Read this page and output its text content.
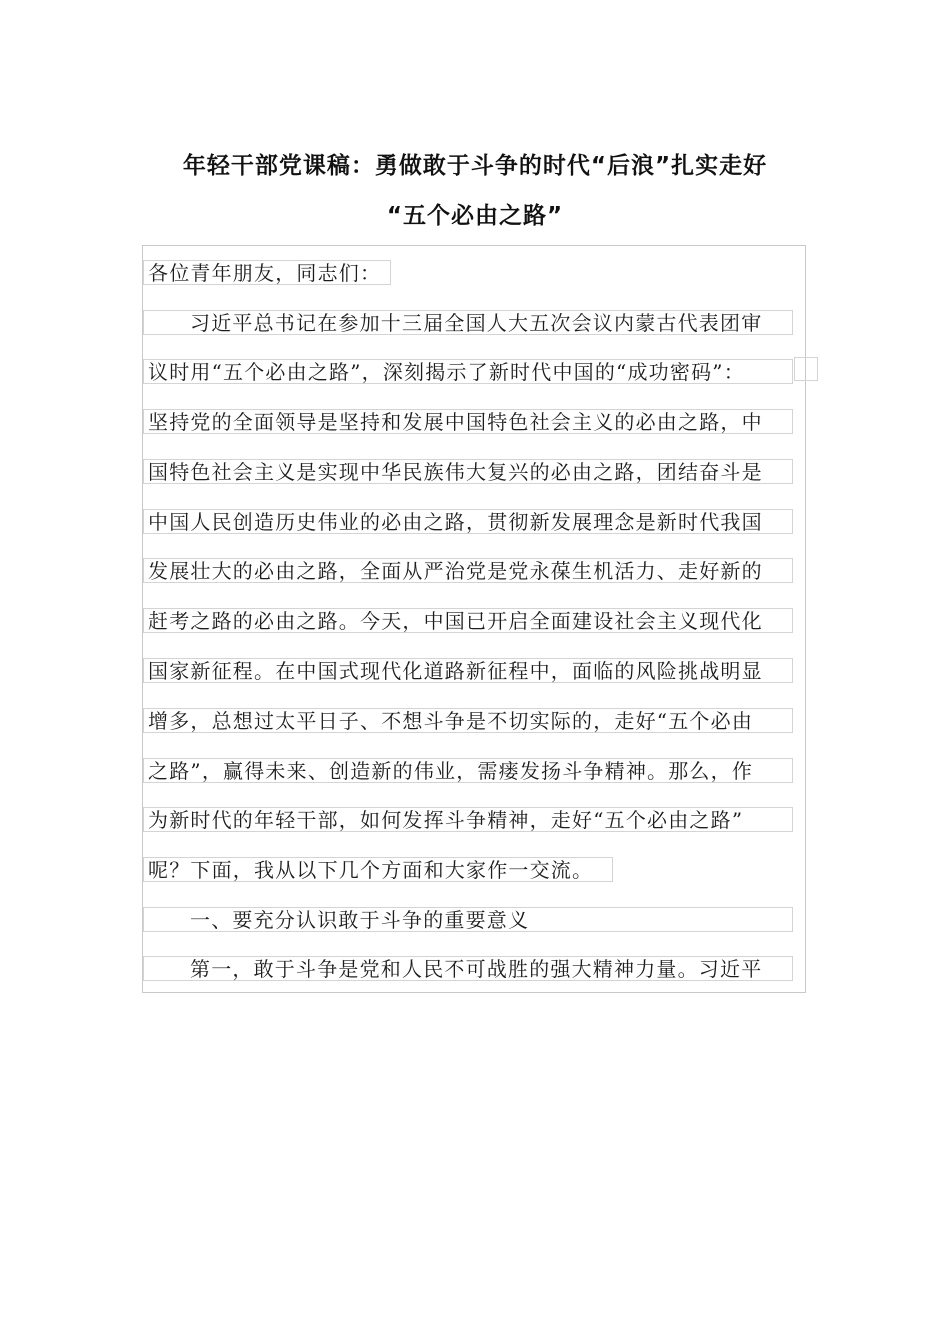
年轻干部党课稿：勇做敢于斗争的时代“后浪”扎实走好
“五个必由之路”
各位青年朋友，同志们：
习近平总书记在参加十三届全国人大五次会议内蒙古代表团审
议时用“五个必由之路”，深刻揭示了新时代中国的“成功密码”：
坚持党的全面领导是坚持和发展中国特色社会主义的必由之路，中
国特色社会主义是实现中华民族伟大复兴的必由之路，团结奋斗是
中国人民创造历史伟业的必由之路，贯彻新发展理念是新时代我国
发展壮大的必由之路，全面从严治党是党永葆生机活力、走好新的
赶考之路的必由之路。今天，中国已开启全面建设社会主义现代化
国家新征程。在中国式现代化道路新征程中，面临的风险挑战明显
增多，总想过太平日子、不想斗争是不切实际的，走好“五个必由
之路”，赢得未来、创造新的伟业，需瘘发扬斗争精神。那么，作
为新时代的年轻干部，如何发挥斗争精神，走好“五个必由之路”
呢？下面，我从以下几个方面和大家作一交流。
一、要充分认识敢于斗争的重要意义
第一，敢于斗争是党和人民不可战胜的强大精神力量。习近平
